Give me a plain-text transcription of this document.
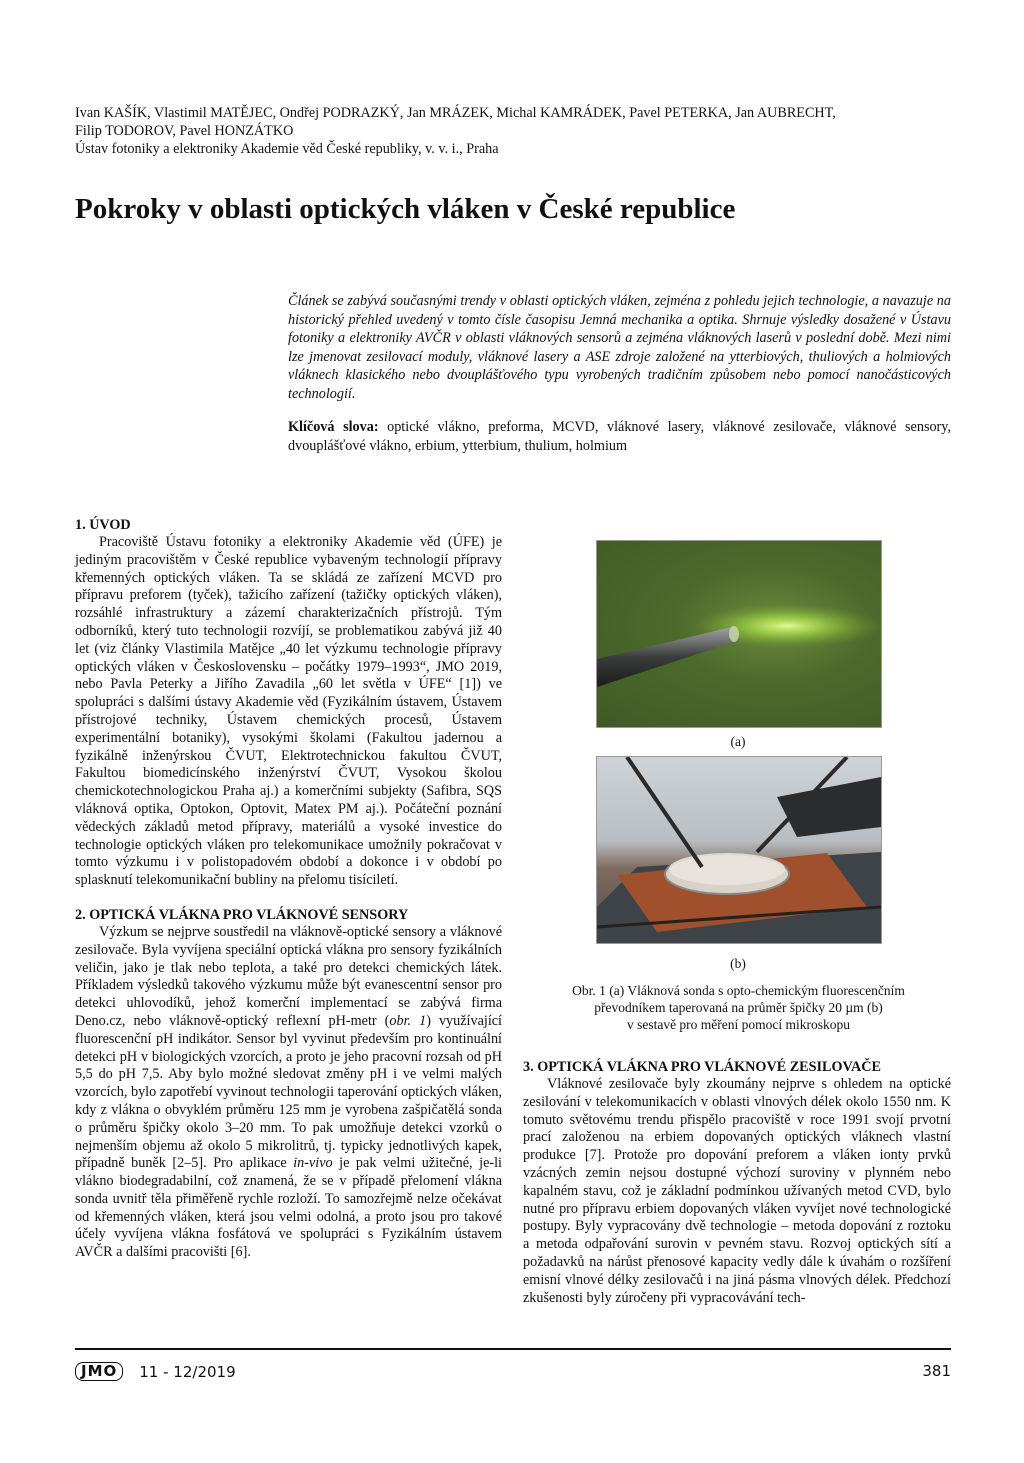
Ivan KAŠÍK, Vlastimil MATĚJEC, Ondřej PODRAZKÝ, Jan MRÁZEK, Michal KAMRÁDEK, Pavel PETERKA, Jan AUBRECHT,
Filip TODOROV, Pavel HONZÁTKO
Ústav fotoniky a elektroniky Akademie věd České republiky, v. v. i., Praha
Pokroky v oblasti optických vláken v České republice
Článek se zabývá současnými trendy v oblasti optických vláken, zejména z pohledu jejich technologie, a navazuje na historický přehled uvedený v tomto čísle časopisu Jemná mechanika a optika. Shrnuje výsledky dosažené v Ústavu fotoniky a elektroniky AVČR v oblasti vláknových sensorů a zejména vláknových laserů v poslední době. Mezi nimi lze jmenovat zesilovací moduly, vláknové lasery a ASE zdroje založené na ytterbiových, thuliových a holmiových vláknech klasického nebo dvouplášťového typu vyrobených tradičním způsobem nebo pomocí nanočásticových technologií.
Klíčová slova: optické vlákno, preforma, MCVD, vláknové lasery, vláknové zesilovače, vláknové sensory, dvouplášťové vlákno, erbium, ytterbium, thulium, holmium

1. ÚVOD

Pracoviště Ústavu fotoniky a elektroniky Akademie věd (ÚFE) je jediným pracovištěm v České republice vybaveným technologií přípravy křemenných optických vláken. Ta se skládá ze zařízení MCVD pro přípravu preforem (tyček), tažicího zařízení (tažičky optických vláken), rozsáhlé infrastruktury a zázemí charakterizačních přístrojů. Tým odborníků, který tuto technologii rozvíjí, se problematikou zabývá již 40 let (viz články Vlastimila Matějce „40 let výzkumu technologie přípravy optických vláken v Československu – počátky 1979–1993“, JMO 2019, nebo Pavla Peterky a Jiřího Zavadila „60 let světla v ÚFE“ [1]) ve spolupráci s dalšími ústavy Akademie věd (Fyzikálním ústavem, Ústavem přístrojové techniky, Ústavem chemických procesů, Ústavem experimentální botaniky), vysokými školami (Fakultou jadernou a fyzikálně inženýrskou ČVUT, Elektrotechnickou fakultou ČVUT, Fakultou biomedicínského inženýrství ČVUT, Vysokou školou chemickotechnologickou Praha aj.) a komerčními subjekty (Safibra, SQS vláknová optika, Optokon, Optovit, Matex PM aj.). Počáteční poznání vědeckých základů metod přípravy, materiálů a vysoké investice do technologie optických vláken pro telekomunikace umožnily pokračovat v tomto výzkumu i v polistopadovém období a dokonce i v období po splasknutí telekomunikační bubliny na přelomu tisíciletí.

2. OPTICKÁ VLÁKNA PRO VLÁKNOVÉ SENSORY

Výzkum se nejprve soustředil na vláknově-optické sensory a vláknové zesilovače. Byla vyvíjena speciální optická vlákna pro sensory fyzikálních veličin, jako je tlak nebo teplota, a také pro detekci chemických látek. Příkladem výsledků takového výzkumu může být evanescentní sensor pro detekci uhlovodíků, jehož komerční implementací se zabývá firma Deno.cz, nebo vláknově-optický reflexní pH-metr (obr. 1) využívající fluorescenční pH indikátor. Sensor byl vyvinut především pro kontinuální detekci pH v biologických vzorcích, a proto je jeho pracovní rozsah od pH 5,5 do pH 7,5. Aby bylo možné sledovat změny pH i ve velmi malých vzorcích, bylo zapotřebí vyvinout technologii taperování optických vláken, kdy z vlákna o obvyklém průměru 125 mm je vyrobena zašpičatělá sonda o průměru špičky okolo 3–20 mm. To pak umožňuje detekci vzorků o nejmenším objemu až okolo 5 mikrolitrů, tj. typicky jednotlivých kapek, případně buněk [2–5]. Pro aplikace in-vivo je pak velmi užitečné, je-li vlákno biodegradabilní, což znamená, že se v případě přelomení vlákna sonda uvnitř těla přiměřeně rychle rozloží. To samozřejmě nelze očekávat od křemenných vláken, která jsou velmi odolná, a proto jsou pro takové účely vyvíjena vlákna fosfátová ve spolupráci s Fyzikálním ústavem AVČR a dalšími pracovišti [6].

(a)
(b)
Obr. 1 (a) Vláknová sonda s opto-chemickým fluorescenčním
převodníkem taperovaná na průměr špičky 20 µm (b)
v sestavě pro měření pomocí mikroskopu

3. OPTICKÁ VLÁKNA PRO VLÁKNOVÉ ZESILOVAČE

Vláknové zesilovače byly zkoumány nejprve s ohledem na optické zesilování v telekomunikacích v oblasti vlnových délek okolo 1550 nm. K tomuto světovému trendu přispělo pracoviště v roce 1991 svojí prvotní prací založenou na erbiem dopovaných optických vláknech vlastní produkce [7]. Protože pro dopování preforem a vláken ionty prvků vzácných zemin nejsou dostupné výchozí suroviny v plynném nebo kapalném stavu, což je základní podmínkou užívaných metod CVD, bylo nutné pro přípravu erbiem dopovaných vláken vyvíjet nové technologické postupy. Byly vypracovány dvě technologie – metoda dopování z roztoku a metoda odpařování surovin v pevném stavu. Rozvoj optických sítí a požadavků na nárůst přenosové kapacity vedly dále k úvahám o rozšíření emisní vlnové délky zesilovačů i na jiná pásma vlnových délek. Předchozí zkušenosti byly zúročeny při vypracovávání tech-

JMO	11 - 12/2019	381
